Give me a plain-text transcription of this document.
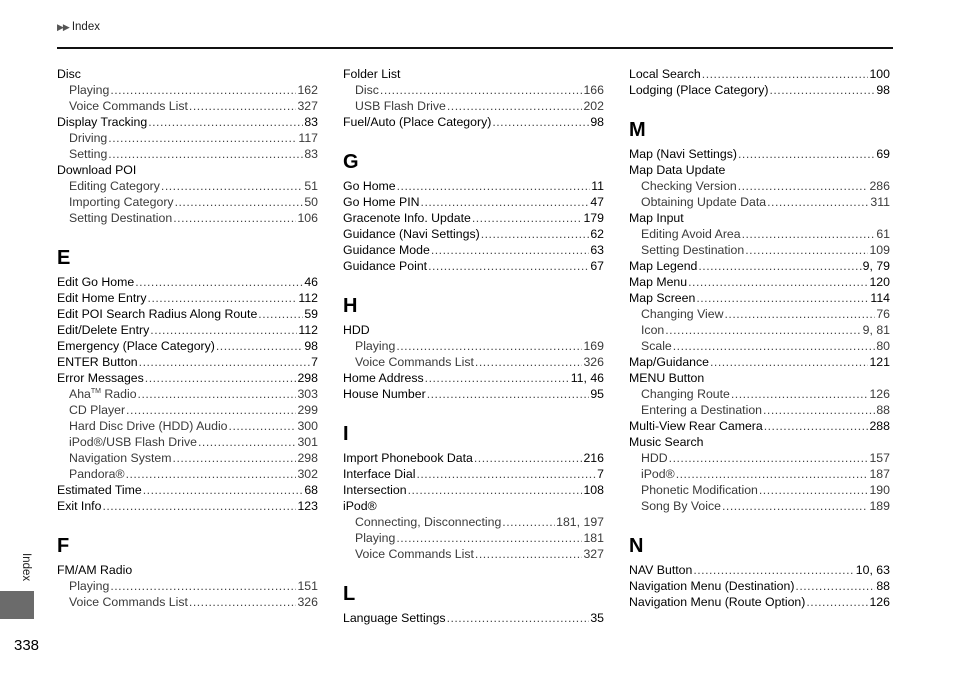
▶▶ Index
Disc
Playing .....	162
Voice Commands List .....	327
Display Tracking .....	83
Driving .....	117
Setting .....	83
Download POI
Editing Category .....	51
Importing Category .....	50
Setting Destination .....	106
E
Edit Go Home .....	46
Edit Home Entry .....	112
Edit POI Search Radius Along Route .....	59
Edit/Delete Entry .....	112
Emergency (Place Category) .....	98
ENTER Button .....	7
Error Messages .....	298
Aha™ Radio .....	303
CD Player .....	299
Hard Disc Drive (HDD) Audio .....	300
iPod®/USB Flash Drive .....	301
Navigation System .....	298
Pandora® .....	302
Estimated Time .....	68
Exit Info .....	123
F
FM/AM Radio
Playing .....	151
Voice Commands List .....	326
Folder List
Disc .....	166
USB Flash Drive .....	202
Fuel/Auto (Place Category) .....	98
G
Go Home .....	11
Go Home PIN .....	47
Gracenote Info. Update .....	179
Guidance (Navi Settings) .....	62
Guidance Mode .....	63
Guidance Point .....	67
H
HDD
Playing .....	169
Voice Commands List .....	326
Home Address .....	11, 46
House Number .....	95
I
Import Phonebook Data .....	216
Interface Dial .....	7
Intersection .....	108
iPod®
Connecting, Disconnecting .....	181, 197
Playing .....	181
Voice Commands List .....	327
L
Language Settings .....	35
Local Search .....	100
Lodging (Place Category) .....	98
M
Map (Navi Settings) .....	69
Map Data Update
Checking Version .....	286
Obtaining Update Data .....	311
Map Input
Editing Avoid Area .....	61
Setting Destination .....	109
Map Legend .....	9, 79
Map Menu .....	120
Map Screen .....	114
Changing View .....	76
Icon .....	9, 81
Scale .....	80
Map/Guidance .....	121
MENU Button
Changing Route .....	126
Entering a Destination .....	88
Multi-View Rear Camera .....	288
Music Search
HDD .....	157
iPod® .....	187
Phonetic Modification .....	190
Song By Voice .....	189
N
NAV Button .....	10, 63
Navigation Menu (Destination) .....	88
Navigation Menu (Route Option) .....	126
Index
338
